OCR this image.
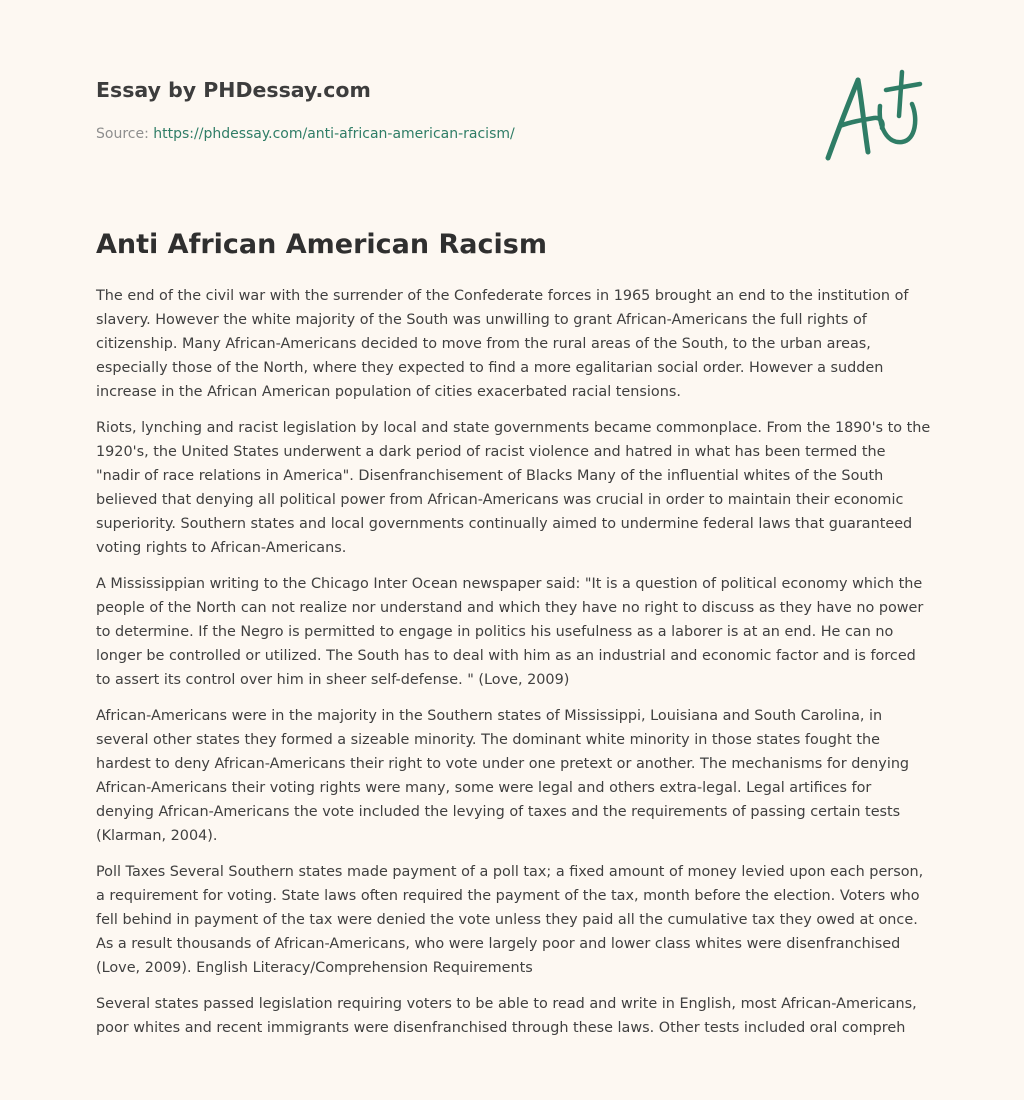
Essay by PHDessay.com
Source: https://phdessay.com/anti-african-american-racism/
Anti African American Racism

The end of the civil war with the surrender of the Confederate forces in 1965 brought an end to the institution of slavery. However the white majority of the South was unwilling to grant African-Americans the full rights of citizenship. Many African-Americans decided to move from the rural areas of the South, to the urban areas, especially those of the North, where they expected to find a more egalitarian social order. However a sudden increase in the African American population of cities exacerbated racial tensions.

Riots, lynching and racist legislation by local and state governments became commonplace. From the 1890's to the 1920's, the United States underwent a dark period of racist violence and hatred in what has been termed the "nadir of race relations in America". Disenfranchisement of Blacks Many of the influential whites of the South believed that denying all political power from African-Americans was crucial in order to maintain their economic superiority. Southern states and local governments continually aimed to undermine federal laws that guaranteed voting rights to African-Americans.

A Mississippian writing to the Chicago Inter Ocean newspaper said: "It is a question of political economy which the people of the North can not realize nor understand and which they have no right to discuss as they have no power to determine. If the Negro is permitted to engage in politics his usefulness as a laborer is at an end. He can no longer be controlled or utilized. The South has to deal with him as an industrial and economic factor and is forced to assert its control over him in sheer self-defense. " (Love, 2009)

African-Americans were in the majority in the Southern states of Mississippi, Louisiana and South Carolina, in several other states they formed a sizeable minority. The dominant white minority in those states fought the hardest to deny African-Americans their right to vote under one pretext or another. The mechanisms for denying African-Americans their voting rights were many, some were legal and others extra-legal. Legal artifices for denying African-Americans the vote included the levying of taxes and the requirements of passing certain tests (Klarman, 2004).

Poll Taxes Several Southern states made payment of a poll tax; a fixed amount of money levied upon each person, a requirement for voting. State laws often required the payment of the tax, month before the election. Voters who fell behind in payment of the tax were denied the vote unless they paid all the cumulative tax they owed at once. As a result thousands of African-Americans, who were largely poor and lower class whites were disenfranchised (Love, 2009). English Literacy/Comprehension Requirements

Several states passed legislation requiring voters to be able to read and write in English, most African-Americans, poor whites and recent immigrants were disenfranchised through these laws. Other tests included oral compreh
